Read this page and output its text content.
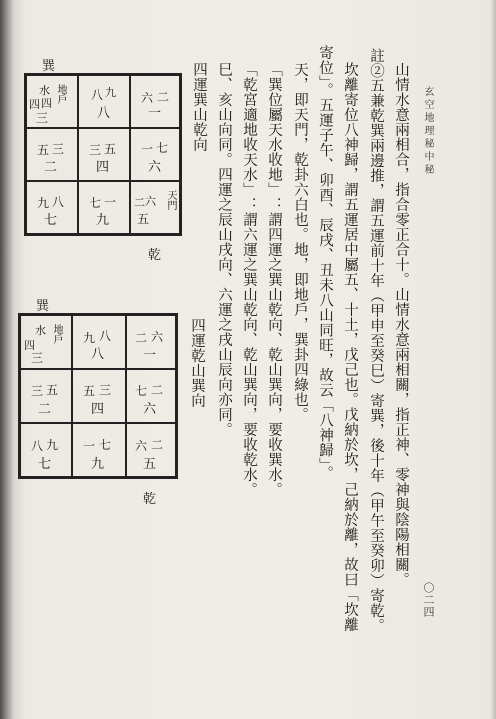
玄空地理秘中秘
〇二四
山情水意兩相合，指合零正合十。山情水意兩相關，指正神、零神與陰陽相關。
註②五兼乾巽兩邊推，謂五運前十年（甲申至癸巳）寄巽，後十年（甲午至癸卯）寄乾。
坎離寄位八神歸，謂五運居中屬五、十土，戊己也。戊納於坎，己納於離，故曰「坎離
寄位」。五運子午、卯酉、辰戌、丑未八山同旺，故云「八神歸」。
天，即天門，乾卦六白也。地，即地戶，巽卦四綠也。
「巽位屬天水收地」：謂四運之巽山乾向、乾山巽向，要收巽水。
「乾宮適地收天水」：謂六運之巽山乾向、乾山巽向，要收乾水。
巳、亥山向同。四運之辰山戌向、六運之戌山辰向亦同。
四運巽山乾向
四運乾山巽向
巽
水 地戶
四 四
三
八 九
八
六 二
一
五 三
二
三 五
四
一 七
六
九 八
七
七 一
九
二 六 天門
五
乾
巽
水 地戶
四
三
九 八
八
二 六
一
三 五
二
五 三
四
七 二
六
八 九
七
一 七
九
六 二
五
乾
